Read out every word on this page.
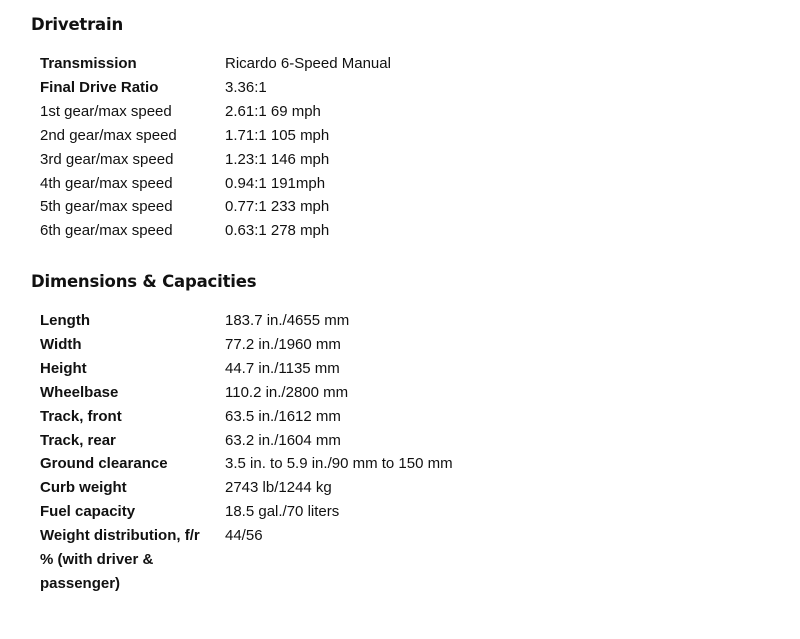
Drivetrain
Transmission	Ricardo 6-Speed Manual
Final Drive Ratio	3.36:1
1st gear/max speed	2.61:1 69 mph
2nd gear/max speed	1.71:1 105 mph
3rd gear/max speed	1.23:1 146 mph
4th gear/max speed	0.94:1 191mph
5th gear/max speed	0.77:1 233 mph
6th gear/max speed	0.63:1 278 mph
Dimensions & Capacities
Length	183.7 in./4655 mm
Width	77.2 in./1960 mm
Height	44.7 in./1135 mm
Wheelbase	110.2 in./2800 mm
Track, front	63.5 in./1612 mm
Track, rear	63.2 in./1604 mm
Ground clearance	3.5 in. to 5.9 in./90 mm to 150 mm
Curb weight	2743 lb/1244 kg
Fuel capacity	18.5 gal./70 liters

Weight distribution, f/r % (with driver & passenger)	44/56
